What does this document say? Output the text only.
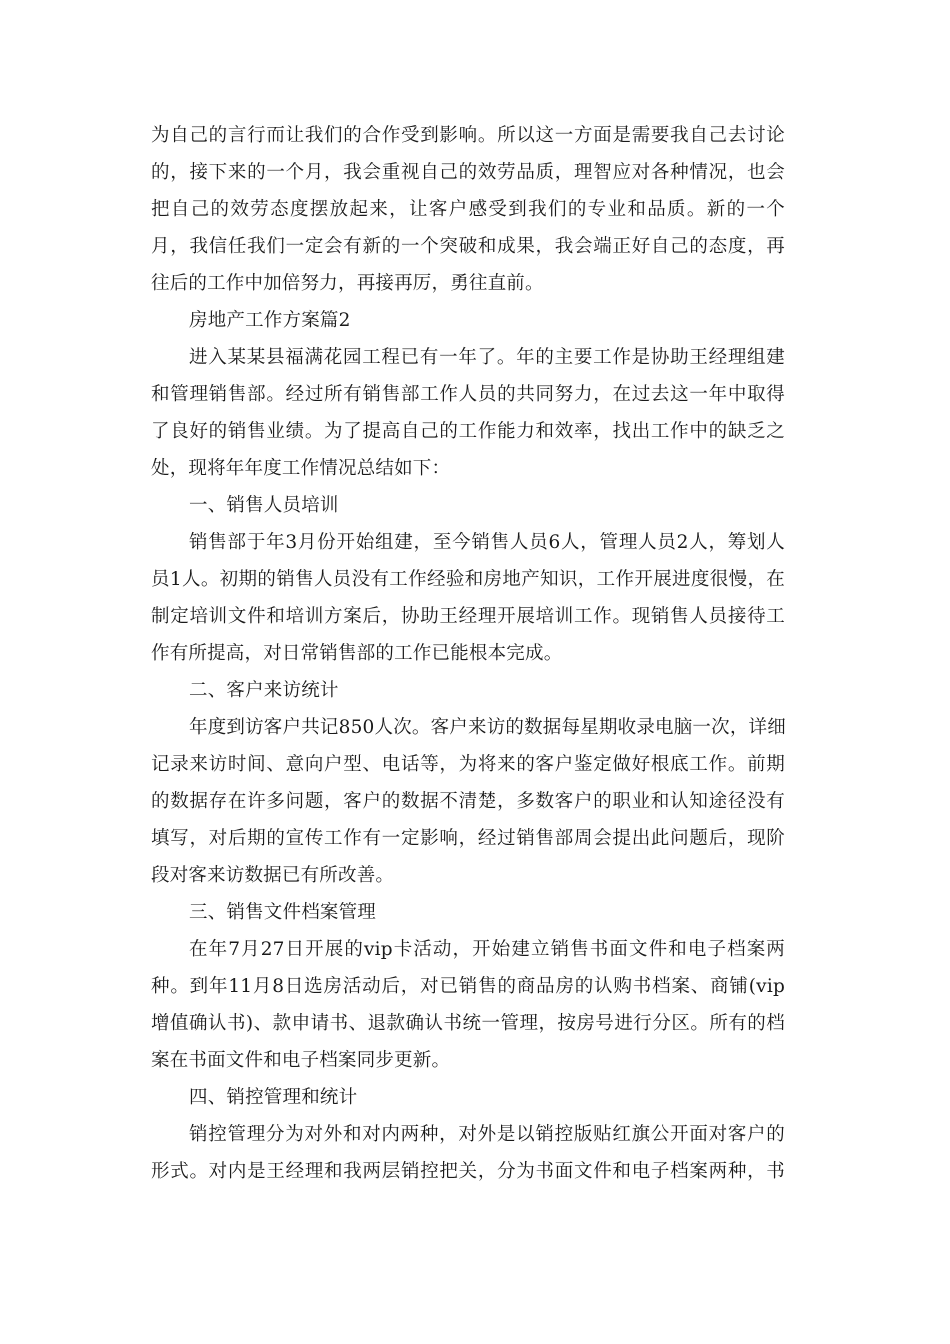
为自己的言行而让我们的合作受到影响。所以这一方面是需要我自己去讨论
的，接下来的一个月，我会重视自己的效劳品质，理智应对各种情况，也会
把自己的效劳态度摆放起来，让客户感受到我们的专业和品质。新的一个
月，我信任我们一定会有新的一个突破和成果，我会端正好自己的态度，再
往后的工作中加倍努力，再接再厉，勇往直前。
房地产工作方案篇2
进入某某县福满花园工程已有一年了。年的主要工作是协助王经理组建
和管理销售部。经过所有销售部工作人员的共同努力，在过去这一年中取得
了良好的销售业绩。为了提高自己的工作能力和效率，找出工作中的缺乏之
处，现将年年度工作情况总结如下：
一、销售人员培训
销售部于年3月份开始组建，至今销售人员6人，管理人员2人，筹划人
员1人。初期的销售人员没有工作经验和房地产知识，工作开展进度很慢，在
制定培训文件和培训方案后，协助王经理开展培训工作。现销售人员接待工
作有所提高，对日常销售部的工作已能根本完成。
二、客户来访统计
年度到访客户共记850人次。客户来访的数据每星期收录电脑一次，详细
记录来访时间、意向户型、电话等，为将来的客户鉴定做好根底工作。前期
的数据存在许多问题，客户的数据不清楚，多数客户的职业和认知途径没有
填写，对后期的宣传工作有一定影响，经过销售部周会提出此问题后，现阶
段对客来访数据已有所改善。
三、销售文件档案管理
在年7月27日开展的vip卡活动，开始建立销售书面文件和电子档案两
种。到年11月8日选房活动后，对已销售的商品房的认购书档案、商铺(vip
增值确认书)、款申请书、退款确认书统一管理，按房号进行分区。所有的档
案在书面文件和电子档案同步更新。
四、销控管理和统计
销控管理分为对外和对内两种，对外是以销控版贴红旗公开面对客户的
形式。对内是王经理和我两层销控把关，分为书面文件和电子档案两种，书
